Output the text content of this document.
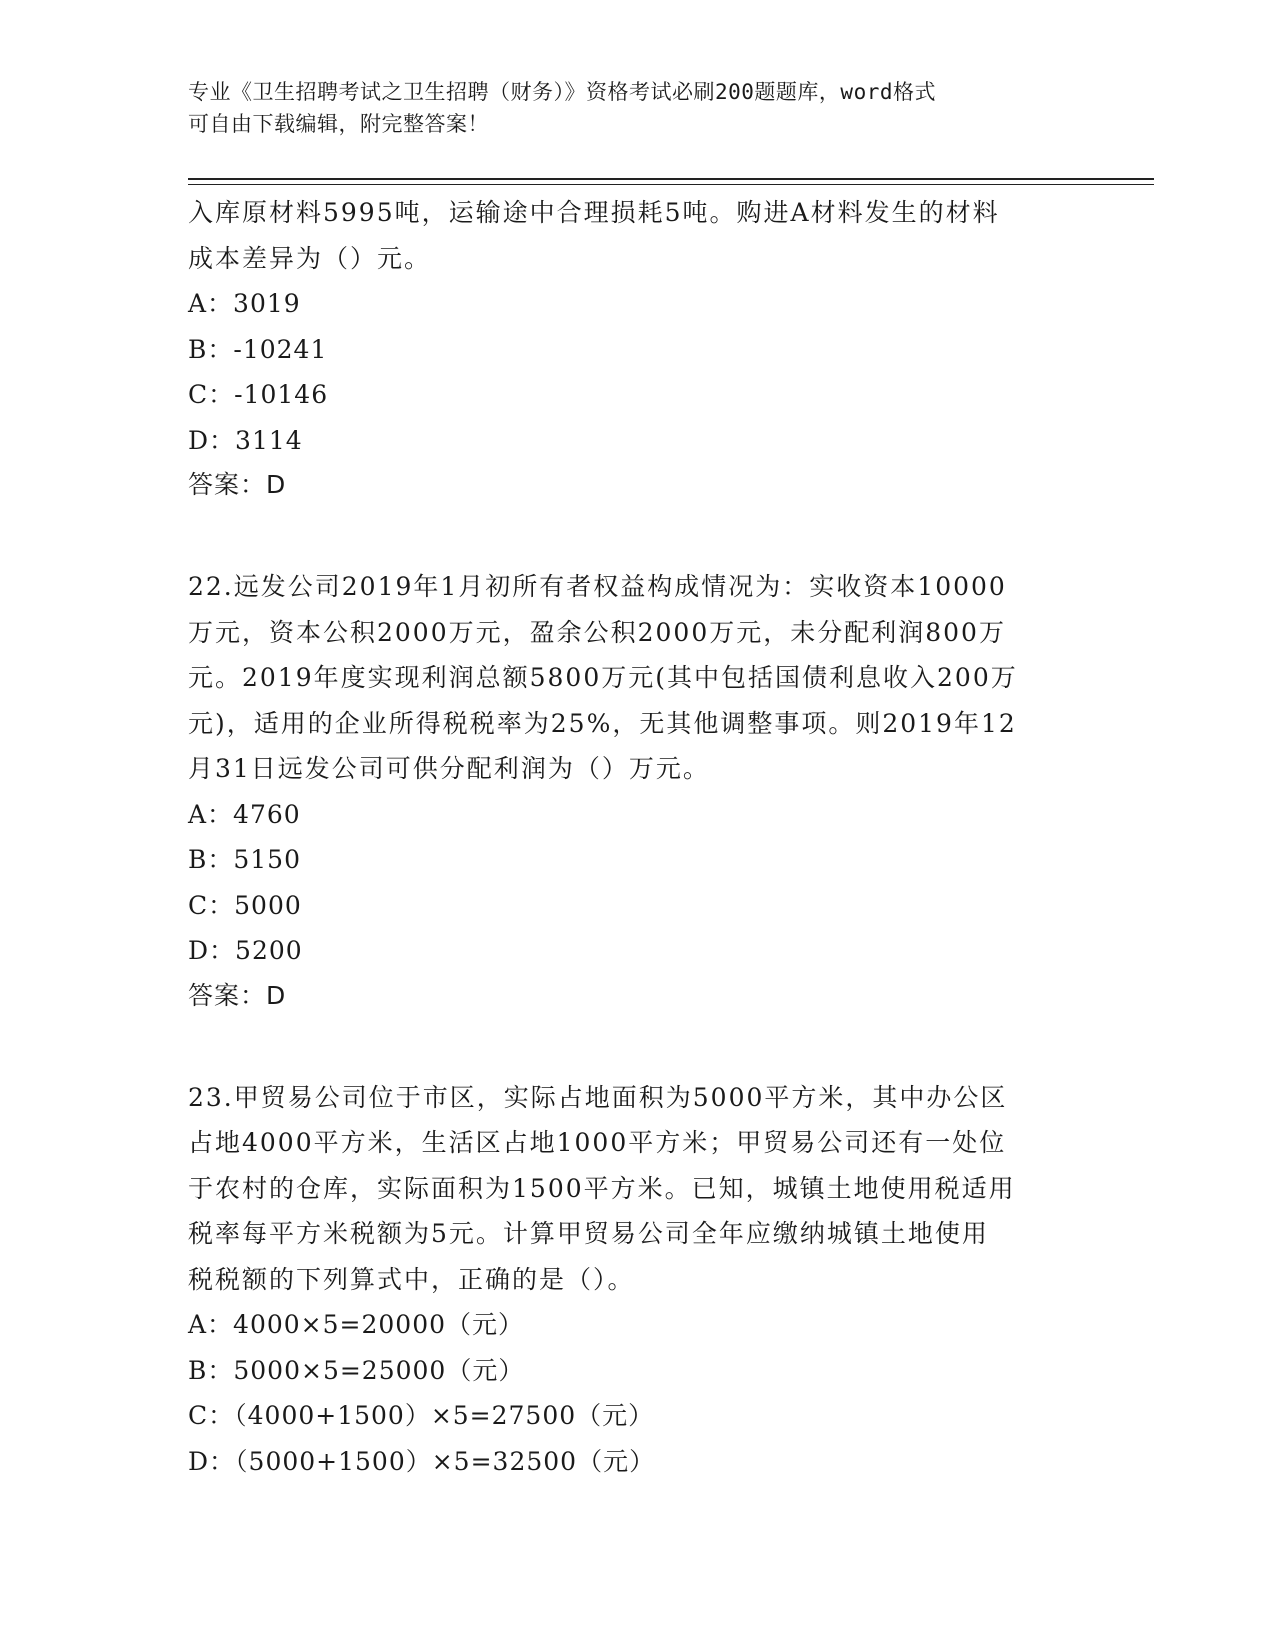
专业《卫生招聘考试之卫生招聘（财务）》资格考试必刷200题题库，word格式
可自由下载编辑，附完整答案！
入库原材料5995吨，运输途中合理损耗5吨。购进A材料发生的材料
成本差异为（）元。
A：3019
B：-10241
C：-10146
D：3114
答案：D
22.远发公司2019年1月初所有者权益构成情况为：实收资本10000
万元，资本公积2000万元，盈余公积2000万元，未分配利润800万
元。2019年度实现利润总额5800万元(其中包括国债利息收入200万
元)，适用的企业所得税税率为25%，无其他调整事项。则2019年12
月31日远发公司可供分配利润为（）万元。
A：4760
B：5150
C：5000
D：5200
答案：D
23.甲贸易公司位于市区，实际占地面积为5000平方米，其中办公区
占地4000平方米，生活区占地1000平方米；甲贸易公司还有一处位
于农村的仓库，实际面积为1500平方米。已知，城镇土地使用税适用
税率每平方米税额为5元。计算甲贸易公司全年应缴纳城镇土地使用
税税额的下列算式中，正确的是（）。
A：4000×5=20000（元）
B：5000×5=25000（元）
C：（4000+1500）×5=27500（元）
D：（5000+1500）×5=32500（元）
